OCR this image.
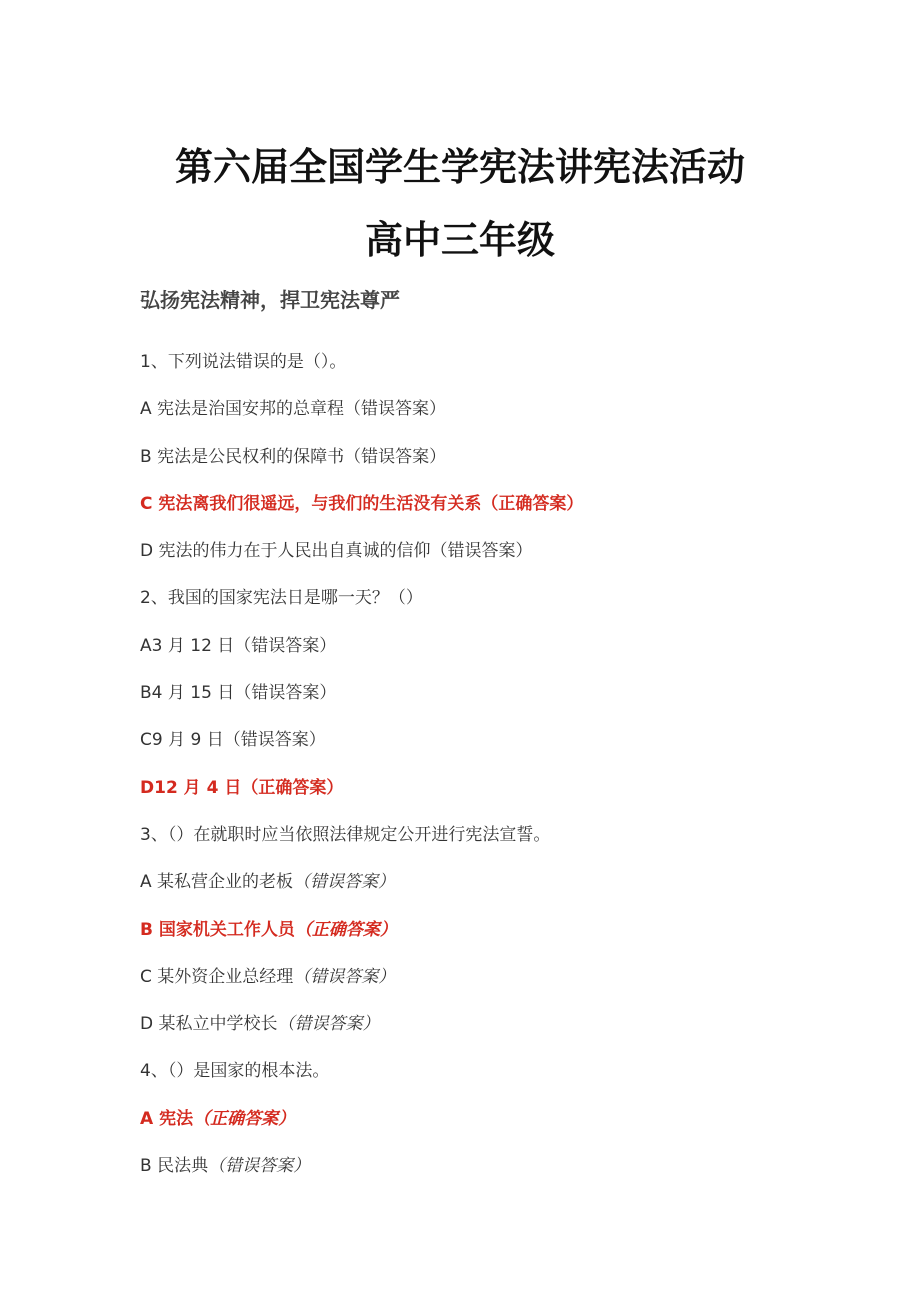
第六届全国学生学宪法讲宪法活动
高中三年级
弘扬宪法精神，捍卫宪法尊严
1、下列说法错误的是（）。
A 宪法是治国安邦的总章程（错误答案）
B 宪法是公民权利的保障书（错误答案）
C 宪法离我们很遥远，与我们的生活没有关系（正确答案）
D 宪法的伟力在于人民出自真诚的信仰（错误答案）
2、我国的国家宪法日是哪一天？（）
A3 月 12 日（错误答案）
B4 月 15 日（错误答案）
C9 月 9 日（错误答案）
D12 月 4 日（正确答案）
3、（）在就职时应当依照法律规定公开进行宪法宣誓。
A 某私营企业的老板（错误答案）
B 国家机关工作人员（正确答案）
C 某外资企业总经理（错误答案）
D 某私立中学校长（错误答案）
4、（）是国家的根本法。
A 宪法（正确答案）
B 民法典（错误答案）
